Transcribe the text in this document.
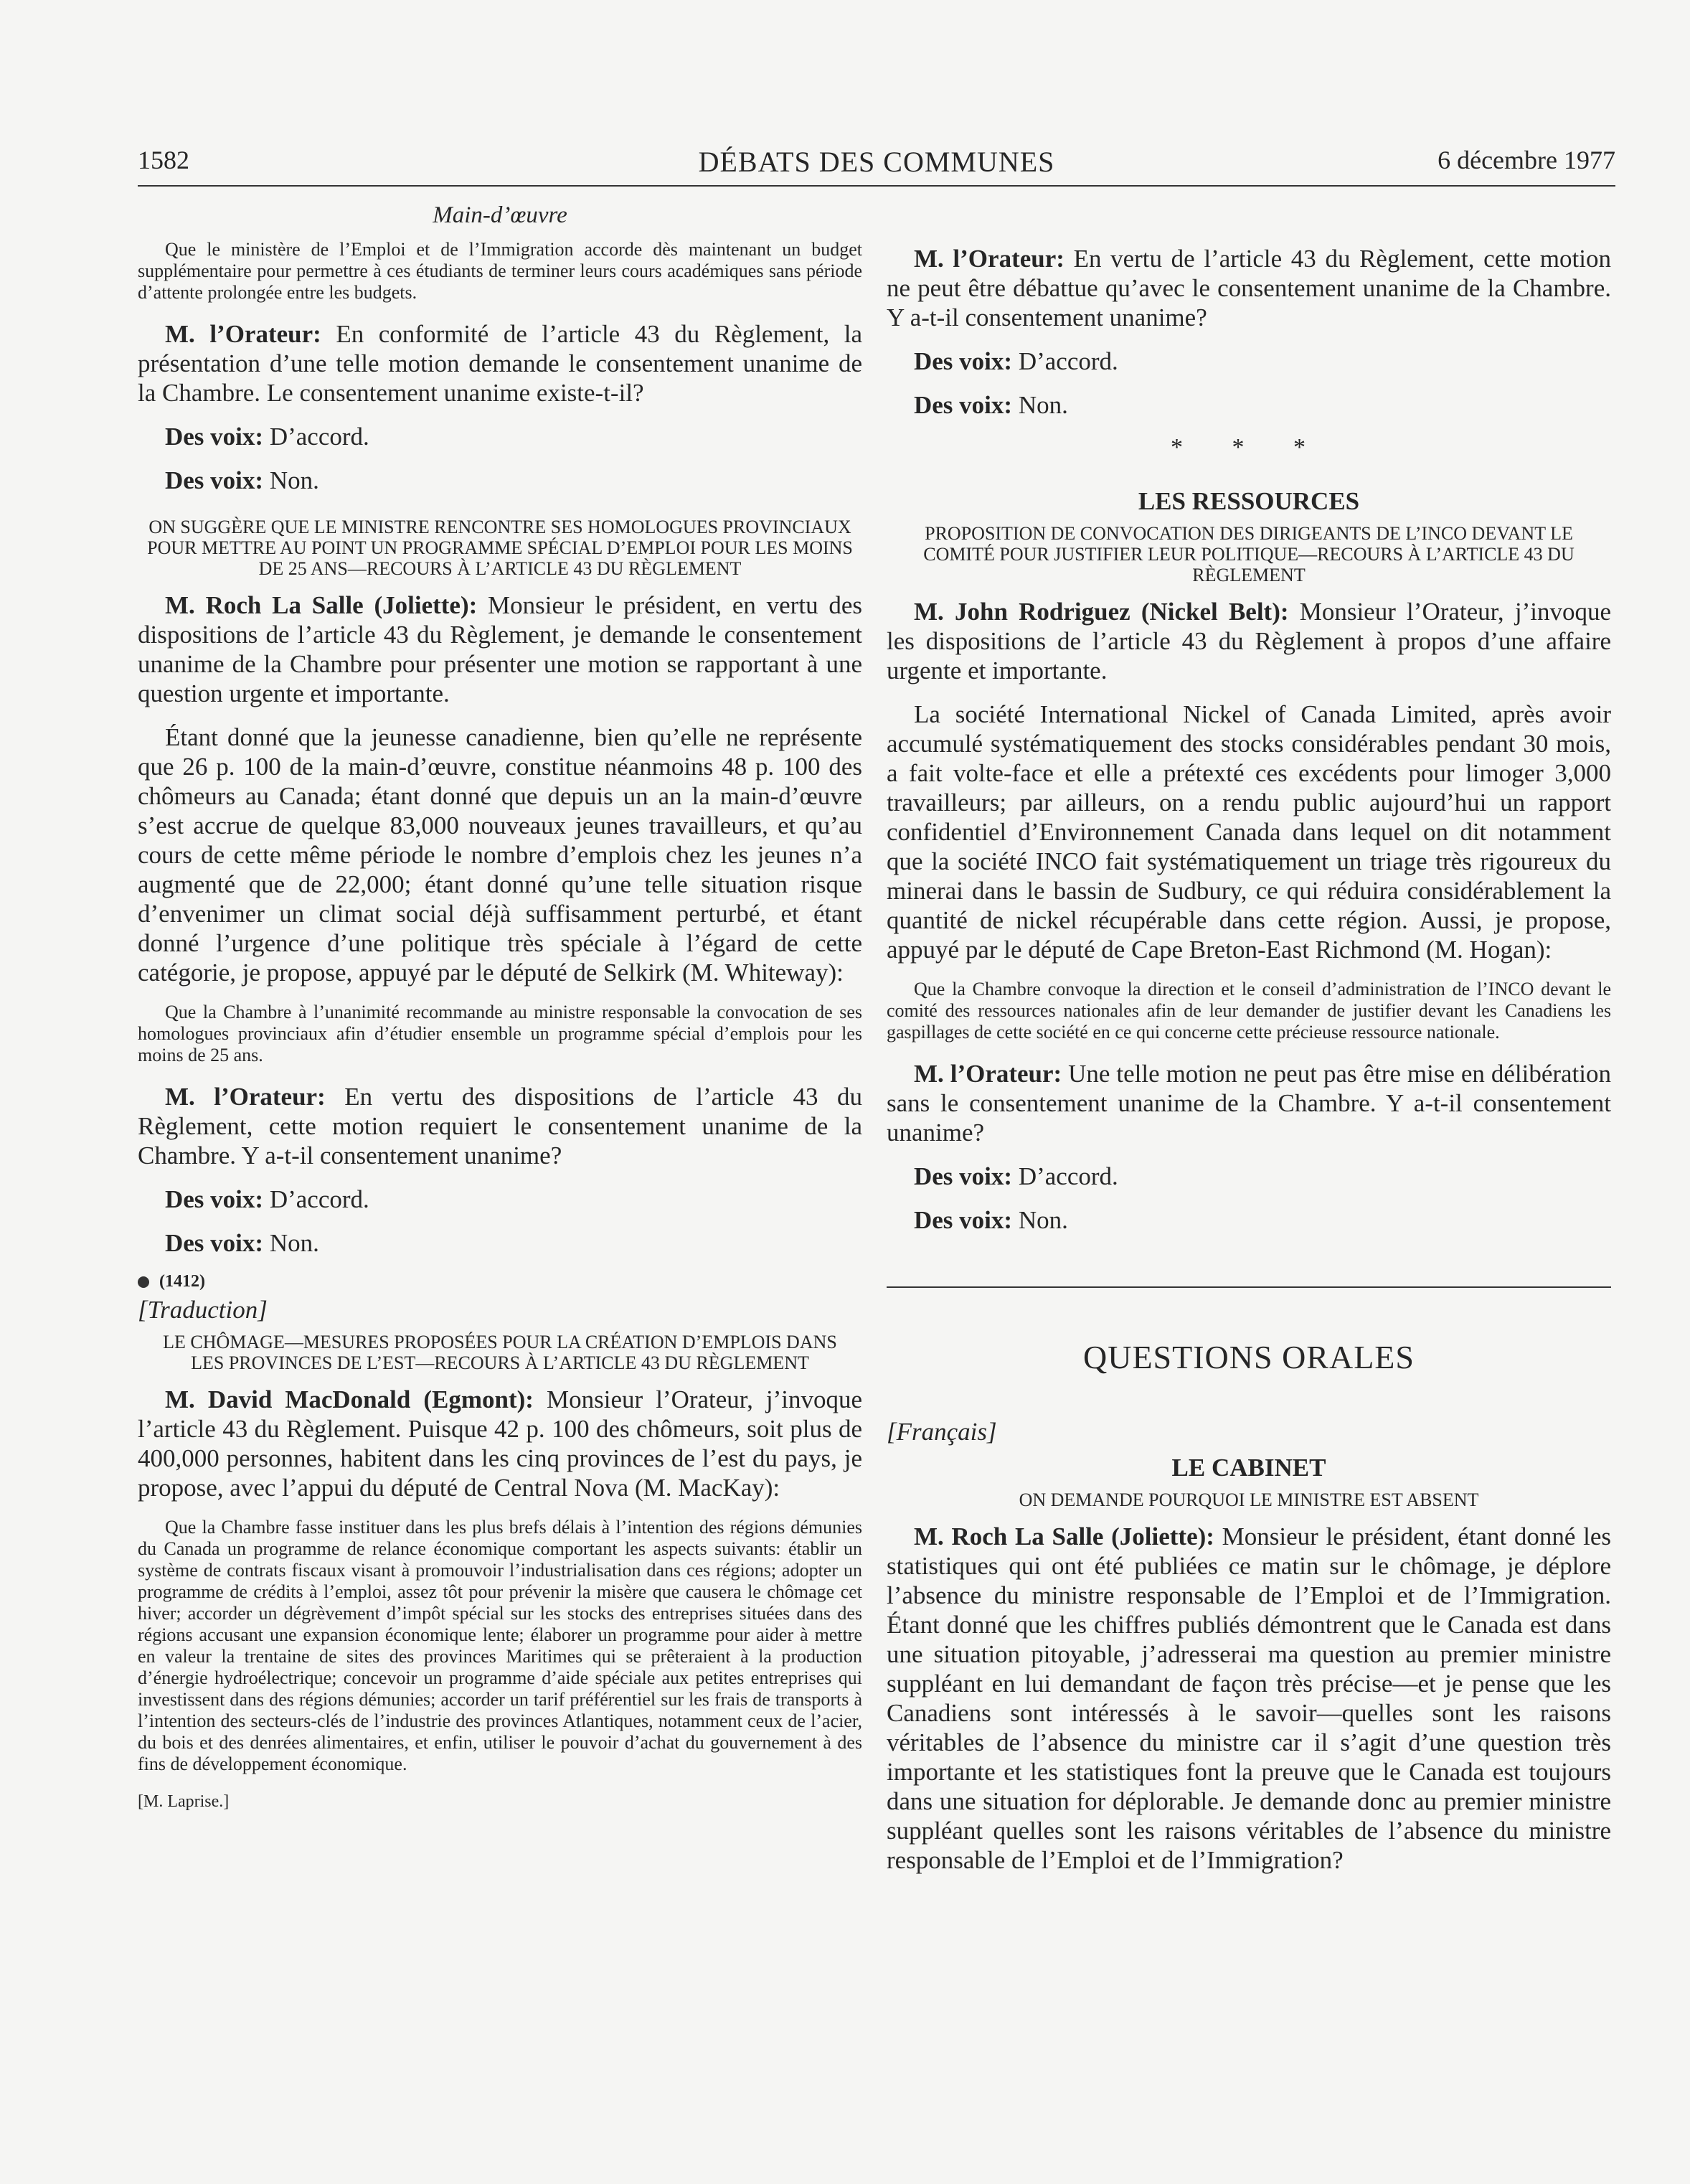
1582	DÉBATS DES COMMUNES	6 décembre 1977

Main-d’œuvre

Que le ministère de l’Emploi et de l’Immigration accorde dès maintenant un budget supplémentaire pour permettre à ces étudiants de terminer leurs cours académiques sans période d’attente prolongée entre les budgets.

M. l’Orateur: En conformité de l’article 43 du Règlement, la présentation d’une telle motion demande le consentement unanime de la Chambre. Le consentement unanime existe-t-il?

Des voix: D’accord.

Des voix: Non.

ON SUGGÈRE QUE LE MINISTRE RENCONTRE SES HOMOLOGUES PROVINCIAUX POUR METTRE AU POINT UN PROGRAMME SPÉCIAL D’EMPLOI POUR LES MOINS DE 25 ANS—RECOURS À L’ARTICLE 43 DU RÈGLEMENT

M. Roch La Salle (Joliette): Monsieur le président, en vertu des dispositions de l’article 43 du Règlement, je demande le consentement unanime de la Chambre pour présenter une motion se rapportant à une question urgente et importante.

Étant donné que la jeunesse canadienne, bien qu’elle ne représente que 26 p. 100 de la main-d’œuvre, constitue néanmoins 48 p. 100 des chômeurs au Canada; étant donné que depuis un an la main-d’œuvre s’est accrue de quelque 83,000 nouveaux jeunes travailleurs, et qu’au cours de cette même période le nombre d’emplois chez les jeunes n’a augmenté que de 22,000; étant donné qu’une telle situation risque d’envenimer un climat social déjà suffisamment perturbé, et étant donné l’urgence d’une politique très spéciale à l’égard de cette catégorie, je propose, appuyé par le député de Selkirk (M. Whiteway):

Que la Chambre à l’unanimité recommande au ministre responsable la convocation de ses homologues provinciaux afin d’étudier ensemble un programme spécial d’emplois pour les moins de 25 ans.

M. l’Orateur: En vertu des dispositions de l’article 43 du Règlement, cette motion requiert le consentement unanime de la Chambre. Y a-t-il consentement unanime?

Des voix: D’accord.

Des voix: Non.

(1412)

[Traduction]

LE CHÔMAGE—MESURES PROPOSÉES POUR LA CRÉATION D’EMPLOIS DANS LES PROVINCES DE L’EST—RECOURS À L’ARTICLE 43 DU RÈGLEMENT

M. David MacDonald (Egmont): Monsieur l’Orateur, j’invoque l’article 43 du Règlement. Puisque 42 p. 100 des chômeurs, soit plus de 400,000 personnes, habitent dans les cinq provinces de l’est du pays, je propose, avec l’appui du député de Central Nova (M. MacKay):

Que la Chambre fasse instituer dans les plus brefs délais à l’intention des régions démunies du Canada un programme de relance économique comportant les aspects suivants: établir un système de contrats fiscaux visant à promouvoir l’industrialisation dans ces régions; adopter un programme de crédits à l’emploi, assez tôt pour prévenir la misère que causera le chômage cet hiver; accorder un dégrèvement d’impôt spécial sur les stocks des entreprises situées dans des régions accusant une expansion économique lente; élaborer un programme pour aider à mettre en valeur la trentaine de sites des provinces Maritimes qui se prêteraient à la production d’énergie hydroélectrique; concevoir un programme d’aide spéciale aux petites entreprises qui investissent dans des régions démunies; accorder un tarif préférentiel sur les frais de transports à l’intention des secteurs-clés de l’industrie des provinces Atlantiques, notamment ceux de l’acier, du bois et des denrées alimentaires, et enfin, utiliser le pouvoir d’achat du gouvernement à des fins de développement économique.

[M. Laprise.]

M. l’Orateur: En vertu de l’article 43 du Règlement, cette motion ne peut être débattue qu’avec le consentement unanime de la Chambre. Y a-t-il consentement unanime?

Des voix: D’accord.

Des voix: Non.

* * *

LES RESSOURCES

PROPOSITION DE CONVOCATION DES DIRIGEANTS DE L’INCO DEVANT LE COMITÉ POUR JUSTIFIER LEUR POLITIQUE—RECOURS À L’ARTICLE 43 DU RÈGLEMENT

M. John Rodriguez (Nickel Belt): Monsieur l’Orateur, j’invoque les dispositions de l’article 43 du Règlement à propos d’une affaire urgente et importante.

La société International Nickel of Canada Limited, après avoir accumulé systématiquement des stocks considérables pendant 30 mois, a fait volte-face et elle a prétexté ces excédents pour limoger 3,000 travailleurs; par ailleurs, on a rendu public aujourd’hui un rapport confidentiel d’Environnement Canada dans lequel on dit notamment que la société INCO fait systématiquement un triage très rigoureux du minerai dans le bassin de Sudbury, ce qui réduira considérablement la quantité de nickel récupérable dans cette région. Aussi, je propose, appuyé par le député de Cape Breton-East Richmond (M. Hogan):

Que la Chambre convoque la direction et le conseil d’administration de l’INCO devant le comité des ressources nationales afin de leur demander de justifier devant les Canadiens les gaspillages de cette société en ce qui concerne cette précieuse ressource nationale.

M. l’Orateur: Une telle motion ne peut pas être mise en délibération sans le consentement unanime de la Chambre. Y a-t-il consentement unanime?

Des voix: D’accord.

Des voix: Non.

QUESTIONS ORALES

[Français]

LE CABINET

ON DEMANDE POURQUOI LE MINISTRE EST ABSENT

M. Roch La Salle (Joliette): Monsieur le président, étant donné les statistiques qui ont été publiées ce matin sur le chômage, je déplore l’absence du ministre responsable de l’Emploi et de l’Immigration. Étant donné que les chiffres publiés démontrent que le Canada est dans une situation pitoyable, j’adresserai ma question au premier ministre suppléant en lui demandant de façon très précise—et je pense que les Canadiens sont intéressés à le savoir—quelles sont les raisons véritables de l’absence du ministre car il s’agit d’une question très importante et les statistiques font la preuve que le Canada est toujours dans une situation for déplorable. Je demande donc au premier ministre suppléant quelles sont les raisons véritables de l’absence du ministre responsable de l’Emploi et de l’Immigration?
